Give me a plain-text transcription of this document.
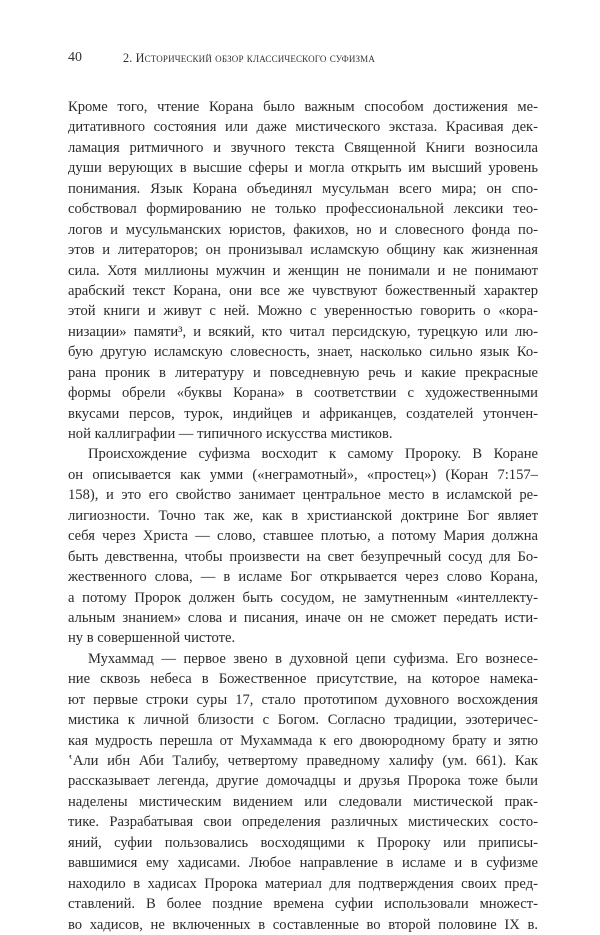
40	2. Исторический обзор классического суфизма
Кроме того, чтение Корана было важным способом достижения ме-
дитативного состояния или даже мистического экстаза. Красивая дек-
ламация ритмичного и звучного текста Священной Книги возносила
души верующих в высшие сферы и могла открыть им высший уровень
понимания. Язык Корана объединял мусульман всего мира; он спо-
собствовал формированию не только профессиональной лексики тео-
логов и мусульманских юристов, факихов, но и словесного фонда по-
этов и литераторов; он пронизывал исламскую общину как жизненная
сила. Хотя миллионы мужчин и женщин не понимали и не понимают
арабский текст Корана, они все же чувствуют божественный характер
этой книги и живут с ней. Можно с уверенностью говорить о «кора-
низации» памяти³, и всякий, кто читал персидскую, турецкую или лю-
бую другую исламскую словесность, знает, насколько сильно язык Ко-
рана проник в литературу и повседневную речь и какие прекрасные
формы обрели «буквы Корана» в соответствии с художественными
вкусами персов, турок, индийцев и африканцев, создателей утончен-
ной каллиграфии — типичного искусства мистиков.
Происхождение суфизма восходит к самому Пророку. В Коране
он описывается как умми («неграмотный», «простец») (Коран 7:157–
158), и это его свойство занимает центральное место в исламской ре-
лигиозности. Точно так же, как в христианской доктрине Бог являет
себя через Христа — слово, ставшее плотью, а потому Мария должна
быть девственна, чтобы произвести на свет безупречный сосуд для Бо-
жественного слова, — в исламе Бог открывается через слово Корана,
а потому Пророк должен быть сосудом, не замутненным «интеллекту-
альным знанием» слова и писания, иначе он не сможет передать исти-
ну в совершенной чистоте.
Мухаммад — первое звено в духовной цепи суфизма. Его вознесе-
ние сквозь небеса в Божественное присутствие, на которое намека-
ют первые строки суры 17, стало прототипом духовного восхождения
мистика к личной близости с Богом. Согласно традиции, эзотеричес-
кая мудрость перешла от Мухаммада к его двоюродному брату и зятю
ʽАли ибн Аби Талибу, четвертому праведному халифу (ум. 661). Как
рассказывает легенда, другие домочадцы и друзья Пророка тоже были
наделены мистическим видением или следовали мистической прак-
тике. Разрабатывая свои определения различных мистических состо-
яний, суфии пользовались восходящими к Пророку или приписы-
вавшимися ему хадисами. Любое направление в исламе и в суфизме
находило в хадисах Пророка материал для подтверждения своих пред-
ставлений. В более поздние времена суфии использовали множест-
во хадисов, не включенных в составленные во второй половине IX в.
